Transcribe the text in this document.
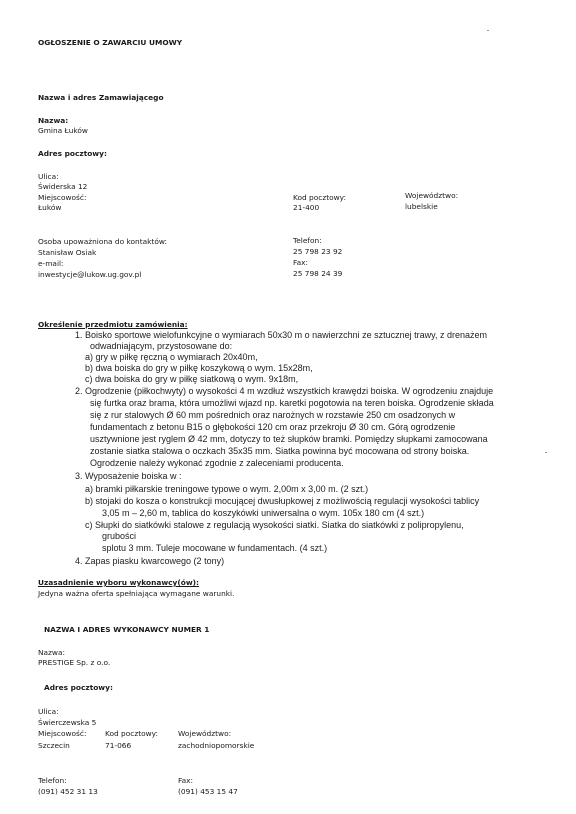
OGŁOSZENIE O ZAWARCIU UMOWY
Nazwa i adres Zamawiającego
Nazwa:
Gmina Łuków
Adres pocztowy:
Ulica:
Świderska 12
Miejscowość:
Łuków
Kod pocztowy:
21-400
Województwo:
lubelskie
Osoba upoważniona do kontaktów:
Stanisław Osiak
e-mail:
inwestycje@lukow.ug.gov.pl
Telefon:
25 798 23 92
Fax:
25 798 24 39
Określenie przedmiotu zamówienia:
1. Boisko sportowe wielofunkcyjne o wymiarach 50x30 m o nawierzchni ze sztucznej trawy, z drenażem
odwadniającym, przystosowane do:
a) gry w piłkę ręczną o wymiarach 20x40m,
b) dwa boiska do gry w piłkę koszykową o wym. 15x28m,
c) dwa boiska do gry w piłkę siatkową o wym. 9x18m,
2. Ogrodzenie (piłkochwyty) o wysokości 4 m wzdłuż wszystkich krawędzi boiska. W ogrodzeniu znajduje
się furtka oraz brama, która umożliwi wjazd np. karetki pogotowia na teren boiska. Ogrodzenie składa
się z rur stalowych Ø 60 mm pośrednich oraz narożnych w rozstawie 250 cm osadzonych w
fundamentach z betonu B15 o głębokości 120 cm oraz przekroju Ø 30 cm. Górą ogrodzenie
usztywnione jest ryglem Ø 42 mm, dotyczy to też słupków bramki. Pomiędzy słupkami zamocowana
zostanie siatka stalowa o oczkach 35x35 mm. Siatka powinna być mocowana od strony boiska.
Ogrodzenie należy wykonać zgodnie z zaleceniami producenta.
3. Wyposażenie boiska w :
a) bramki piłkarskie treningowe typowe o wym. 2,00m x 3,00 m. (2 szt.)
b) stojaki do kosza o konstrukcji mocującej dwusłupkowej z możliwością regulacji wysokości tablicy
3,05 m – 2,60 m, tablica do koszykówki uniwersalna o wym. 105x 180 cm (4 szt.)
c) Słupki do siatkówki stalowe z regulacją wysokości siatki. Siatka do siatkówki z polipropylenu,
grubości
splotu 3 mm. Tuleje mocowane w fundamentach. (4 szt.)
4. Zapas piasku kwarcowego (2 tony)
Uzasadnienie wyboru wykonawcy(ów):
Jedyna ważna oferta spełniająca wymagane warunki.
NAZWA I ADRES WYKONAWCY NUMER 1
Nazwa:
PRESTIGE Sp. z o.o.
Adres pocztowy:
Ulica:
Świerczewska 5
Miejscowość:
Szczecin
Kod pocztowy:
71-066
Województwo:
zachodniopomorskie
Telefon:
(091) 452 31 13
Fax:
(091) 453 15 47
